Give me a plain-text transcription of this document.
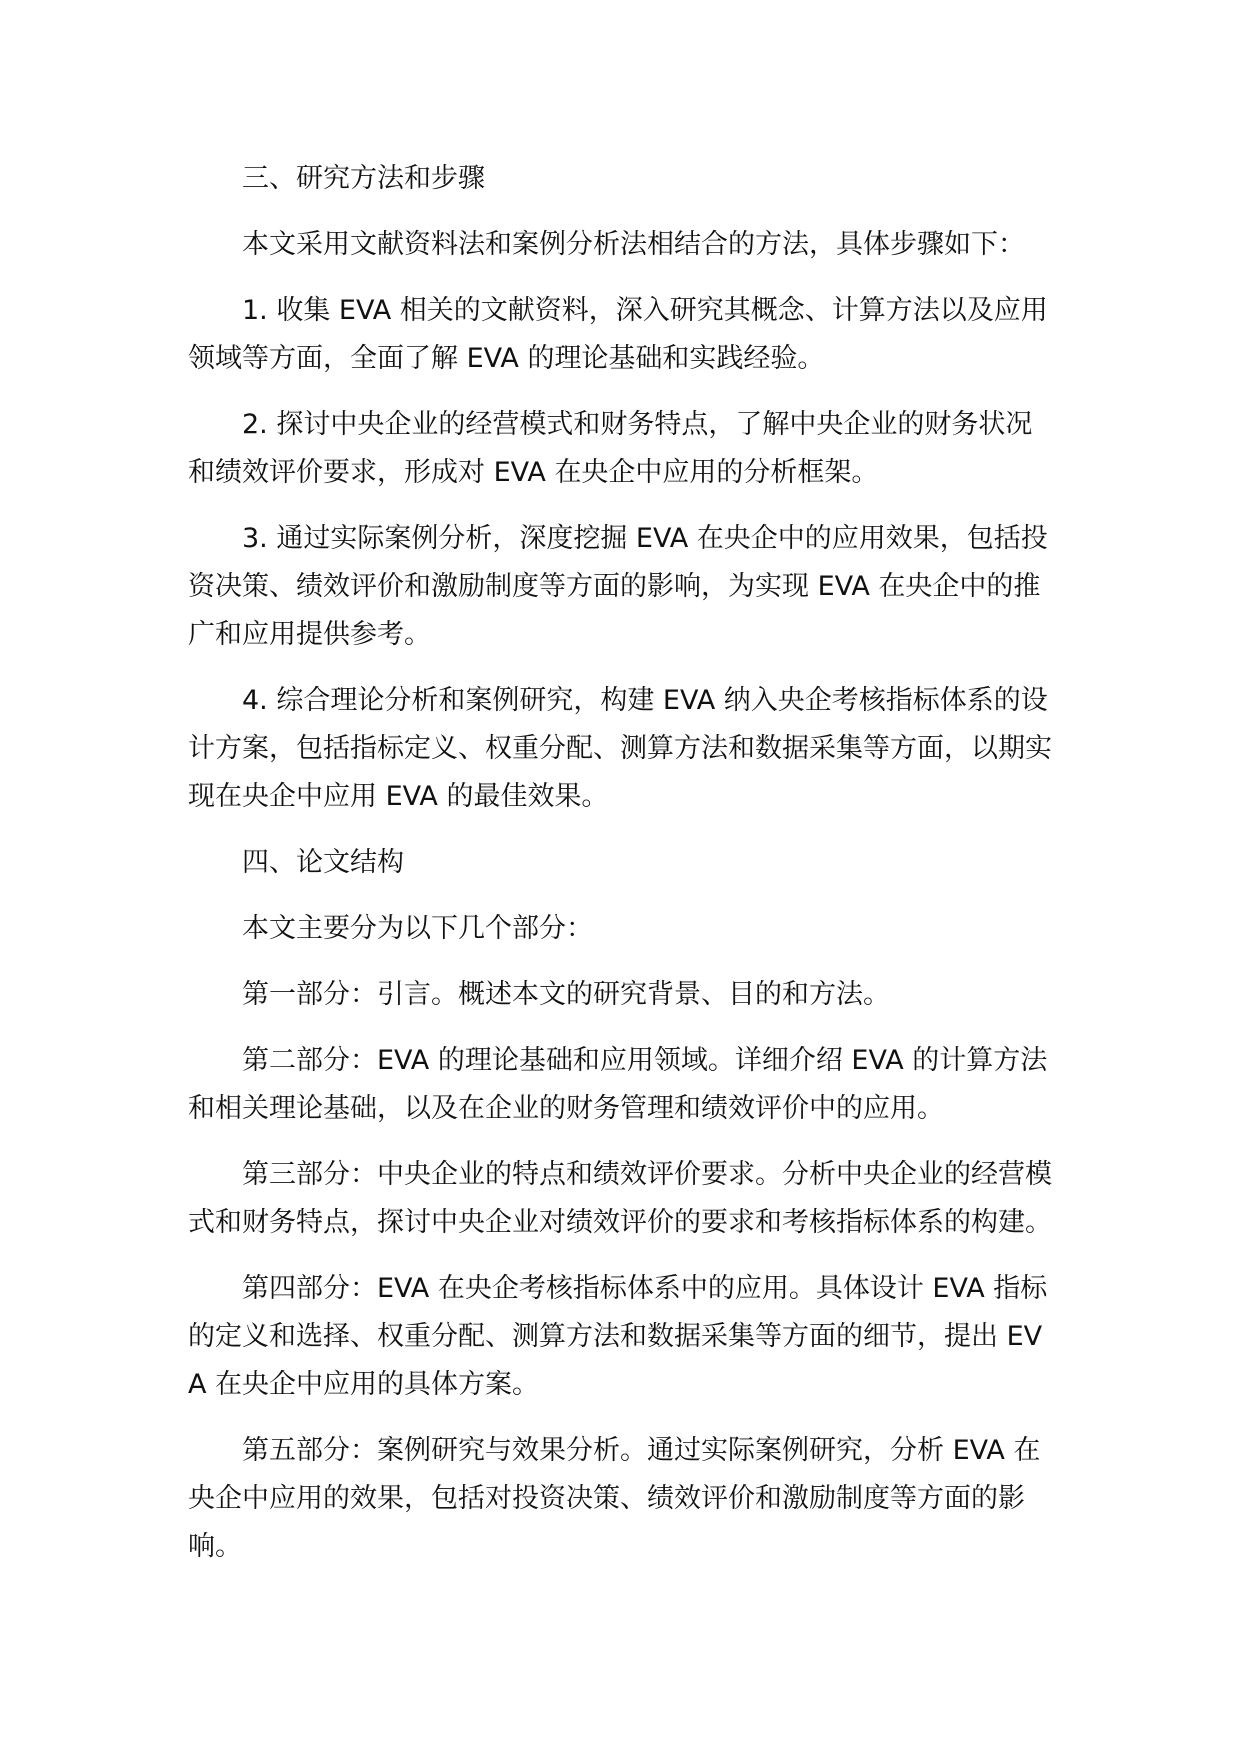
三、研究方法和步骤

本文采用文献资料法和案例分析法相结合的方法，具体步骤如下：

1. 收集 EVA 相关的文献资料，深入研究其概念、计算方法以及应用领域等方面，全面了解 EVA 的理论基础和实践经验。

2. 探讨中央企业的经营模式和财务特点，了解中央企业的财务状况和绩效评价要求，形成对 EVA 在央企中应用的分析框架。

3. 通过实际案例分析，深度挖掘 EVA 在央企中的应用效果，包括投资决策、绩效评价和激励制度等方面的影响，为实现 EVA 在央企中的推广和应用提供参考。

4. 综合理论分析和案例研究，构建 EVA 纳入央企考核指标体系的设计方案，包括指标定义、权重分配、测算方法和数据采集等方面，以期实现在央企中应用 EVA 的最佳效果。

四、论文结构

本文主要分为以下几个部分：

第一部分：引言。概述本文的研究背景、目的和方法。

第二部分：EVA 的理论基础和应用领域。详细介绍 EVA 的计算方法和相关理论基础，以及在企业的财务管理和绩效评价中的应用。

第三部分：中央企业的特点和绩效评价要求。分析中央企业的经营模式和财务特点，探讨中央企业对绩效评价的要求和考核指标体系的构建。

第四部分：EVA 在央企考核指标体系中的应用。具体设计 EVA 指标的定义和选择、权重分配、测算方法和数据采集等方面的细节，提出 EVA 在央企中应用的具体方案。

第五部分：案例研究与效果分析。通过实际案例研究，分析 EVA 在央企中应用的效果，包括对投资决策、绩效评价和激励制度等方面的影响。
